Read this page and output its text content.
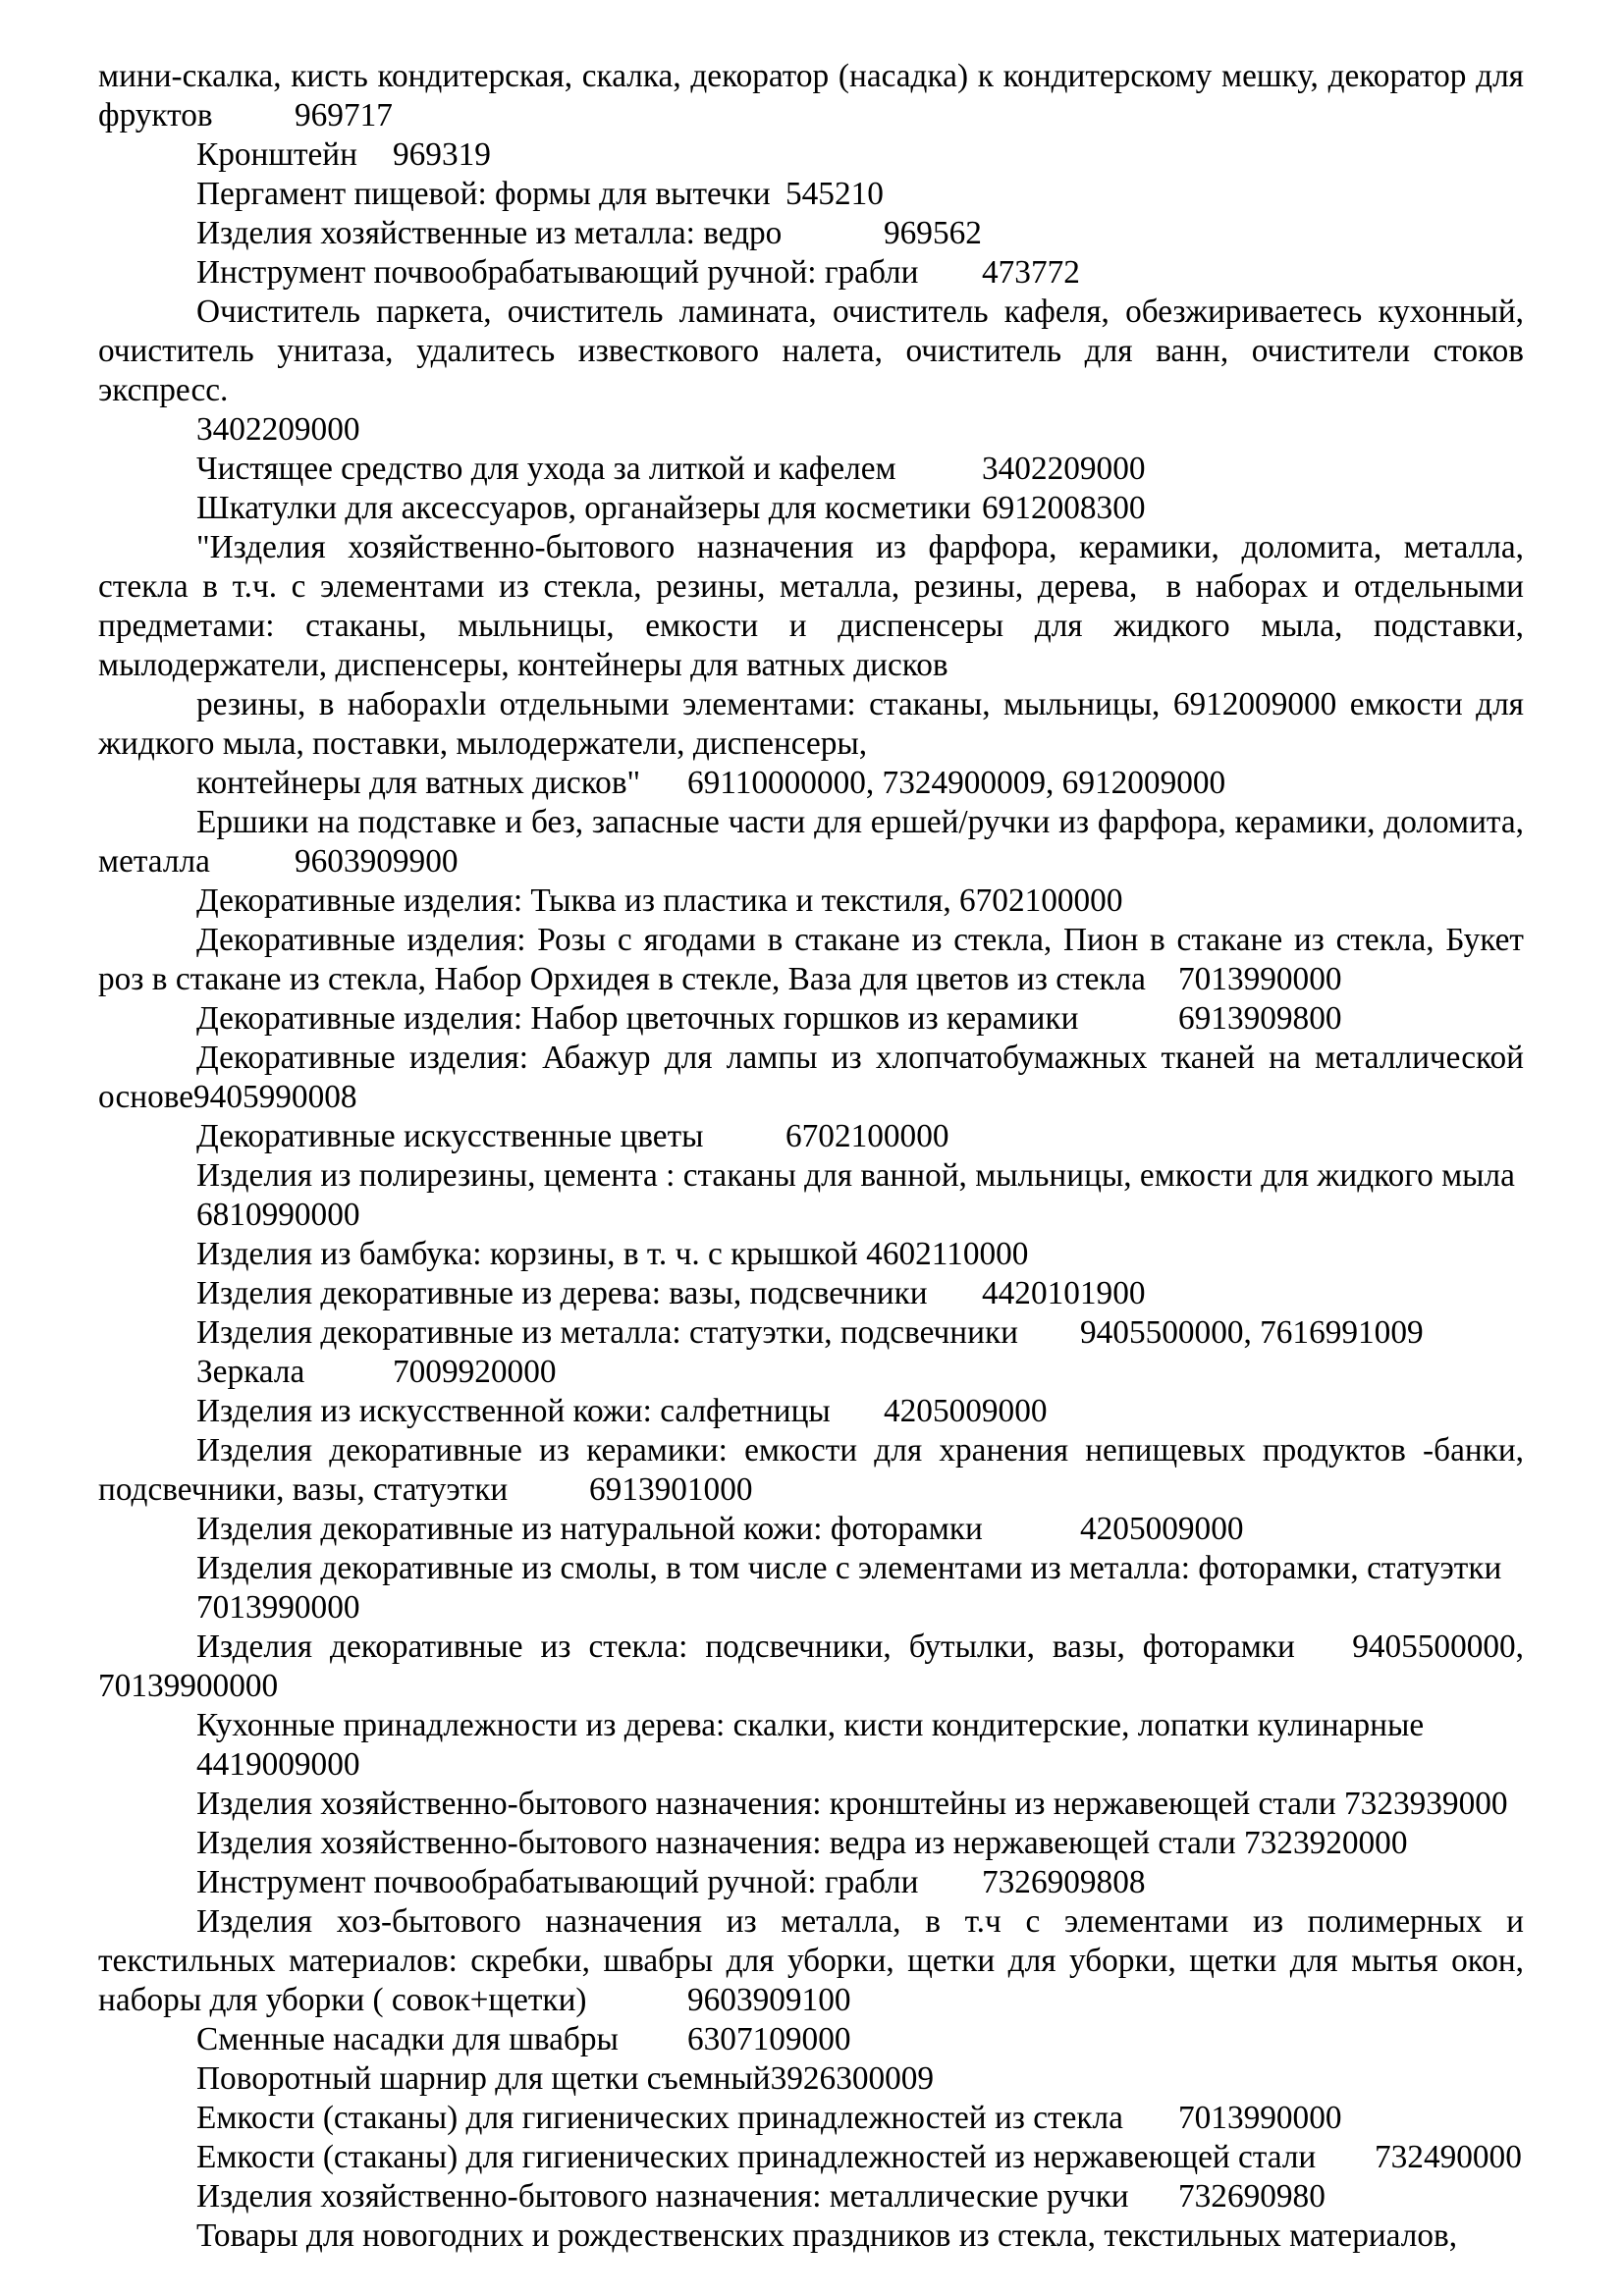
мини-скалка, кисть кондитерская, скалка, декоратор (насадка) к кондитерскому мешку, декоратор для фруктов	969717

Кронштейн	969319

Пергамент пищевой: формы для вытечки	545210

Изделия хозяйственные из металла: ведро	969562

Инструмент почвообрабатывающий ручной: грабли	473772

Очиститель паркета, очиститель ламината, очиститель кафеля, обезжириваетесь кухонный, очиститель унитаза, удалитесь известкового налета, очиститель для ванн, очистители стоков экспресс.

3402209000

Чистящее средство для ухода за литкой и кафелем	3402209000

Шкатулки для аксессуаров, органайзеры для косметики	6912008300

"Изделия хозяйственно-бытового назначения из фарфора, керамики, доломита, металла, стекла в т.ч. с элементами из стекла, резины, металла, резины, дерева,  в наборах и отдельными предметами: стаканы, мыльницы, емкости и диспенсеры для жидкого мыла, подставки, мылодержатели, диспенсеры, контейнеры для ватных дисков

резины, в наборахlи отдельными элементами: стаканы, мыльницы, 6912009000 емкости для жидкого мыла, поставки, мылодержатели, диспенсеры,

контейнеры для ватных дисков"	69110000000, 7324900009, 6912009000

Ершики на подставке и без, запасные части для ершей/ручки из фарфора, керамики, доломита, металла	9603909900

Декоративные изделия: Тыква из пластика и текстиля, 6702100000

Декоративные изделия: Розы с ягодами в стакане из стекла, Пион в стакане из стекла, Букет роз в стакане из стекла, Набор Орхидея в стекле, Ваза для цветов из стекла	7013990000

Декоративные изделия: Набор цветочных горшков из керамики	6913909800

Декоративные изделия: Абажур для лампы из хлопчатобумажных тканей на металлической основе9405990008

Декоративные искусственные цветы	6702100000

Изделия из полирезины, цемента : стаканы для ванной, мыльницы, емкости для жидкого мыла

6810990000

Изделия из бамбука: корзины, в т. ч. с крышкой 4602110000

Изделия декоративные из дерева: вазы, подсвечники	4420101900

Изделия декоративные из металла: статуэтки, подсвечники	9405500000, 7616991009

Зеркала	7009920000

Изделия из искусственной кожи: салфетницы	4205009000

Изделия декоративные из керамики: емкости для хранения непищевых продуктов -банки, подсвечники, вазы, статуэтки	6913901000

Изделия декоративные из натуральной кожи: фоторамки	4205009000

Изделия декоративные из смолы, в том числе с элементами из металла: фоторамки, статуэтки

7013990000

Изделия декоративные из стекла: подсвечники, бутылки, вазы, фоторамки	9405500000, 70139900000

Кухонные принадлежности из дерева: скалки, кисти кондитерские, лопатки кулинарные

4419009000

Изделия хозяйственно-бытового назначения: кронштейны из нержавеющей стали 7323939000

Изделия хозяйственно-бытового назначения: ведра из нержавеющей стали 7323920000

Инструмент почвообрабатывающий ручной: грабли	7326909808

Изделия хоз-бытового назначения из металла, в т.ч с элементами из полимерных и текстильных материалов: скребки, швабры для уборки, щетки для уборки, щетки для мытья окон, наборы для уборки ( совок+щетки)	9603909100

Сменные насадки для швабры	6307109000

Поворотный шарнир для щетки съемный3926300009

Емкости (стаканы) для гигиенических принадлежностей из стекла	7013990000

Емкости (стаканы) для гигиенических принадлежностей из нержавеющей стали	732490000

Изделия хозяйственно-бытового назначения: металлические ручки	732690980

Товары для новогодних и рождественских праздников из стекла, текстильных материалов,
